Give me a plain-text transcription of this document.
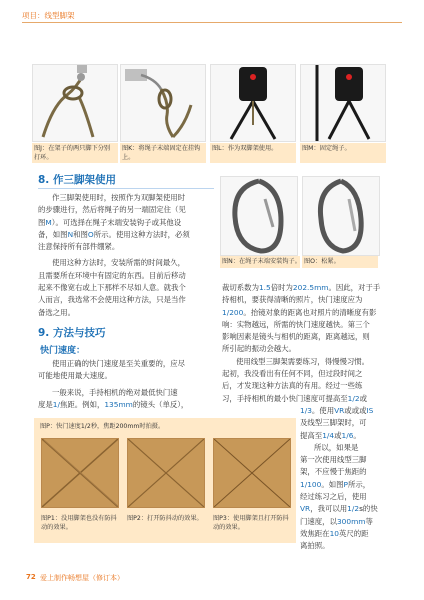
项目：线型脚架
图J：在架子的两只脚下分别打环。
图K：将绳子末端固定在挂钩上。
图L：作为双脚架使用。	图M：固定绳子。
8. 作三脚架使用
作三脚架使用时，按照作为双脚架使用时
的步骤进行，然后将绳子的另一端固定住（见
图M）。可选择在绳子末端安装钩子或其他设
备，如图N和图O所示。使用这种方法时，必须
注意保持所有部件绷紧。
使用这种方法时，安装所需的时间最久，
且需要所在环境中有固定的东西。目前后移动
起来不像宽右或上下那样不尽如人意。就我个
人而言，我选常不会使用这种方法，只是当作
备选之用。
图N：在绳子末端安装钩子。 图O：松紧。
9. 方法与技巧
快门速度：
使用正确的快门速度是至关重要的，应尽
可能地使用最大速度。
一般来说，手持相机的绝对最低快门速
度是1/焦距。例如，135mm的镜头（单反），
裁切系数为1.5倍时为202.5mm。因此，对于手
持相机，要获得清晰的照片，快门速度应为
1/200。抬镜对象的距离也对照片的清晰度有影
响：实物越远，所需的快门速度越快。第三个
影响因素是镜头与相机的距离，距离越远，则
所引起的振动会越大。
使用线型三脚架需要练习，得慢慢习惯。
起初，我没看出有任何不同，但过段时间之
后，才发现这种方法真的有用。经过一些练
习，手持相机的最小快门速度可提高至1/2或
1/3。使用VR或或或IS
及线型三脚架时，可
提高至1/4或1/6。
所以，如果是
第一次使用线型三脚
架，不应慢于焦距的
1/100。如图P所示，
经过练习之后，使用
VR，我可以用1/2s的快
门速度，以300mm等
效焦距在10英尺的距
离拍照。
图P：快门速度1/2秒，焦距200mm时拍摄。
图P1：没用脚架也没有防抖动的效果。
图P2：打开防抖动的效果。	图P3：使用脚架且打开防抖动的效果。
72 爱上制作畅想屋（修订本）
